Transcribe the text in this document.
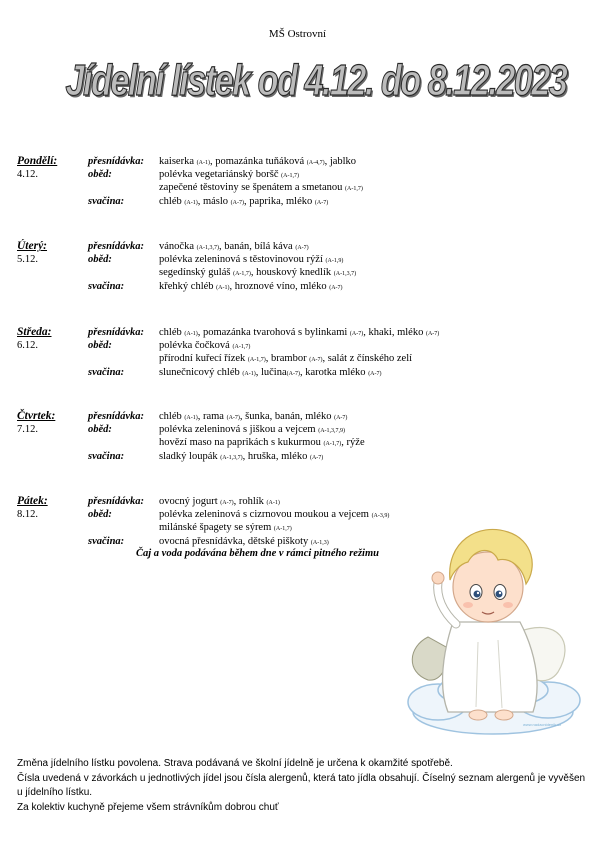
MŠ Ostrovní
Jídelní lístek od 4.12. do 8.12.2023
Pondělí:	přesnídávka: kaiserka (A-1), pomazánka tuňáková (A-4,7), jablko
4.12.	oběd:	polévka vegetariánský boršč (A-1,7)
zapečené těstoviny se špenátem a smetanou (A-1,7)
svačina:	chléb (A-1), máslo (A-7), paprika, mléko (A-7)
Úterý:	přesnídávka: vánočka (A-1,3,7), banán, bílá káva (A-7)
5.12.	oběd:	polévka zeleninová s těstovinovou rýží (A-1,9)
segedínský guláš (A-1,7), houskový knedlík (A-1,3,7)
svačina:	křehký chléb (A-1), hroznové víno, mléko (A-7)
Středa:	přesnídávka: chléb (A-1), pomazánka tvarohová s bylinkami (A-7), khaki, mléko (A-7)
6.12.	oběd:	polévka čočková (A-1,7)
přírodní kuřecí řízek (A-1,7), brambor (A-7), salát z čínského zelí
svačina:	slunečnicový chléb (A-1), lučina(A-7), karotka mléko (A-7)
Čtvrtek:	přesnídávka: chléb (A-1), rama (A-7), šunka, banán, mléko (A-7)
7.12.	oběd:	polévka zeleninová s jiškou a vejcem (A-1,3,7,9)
hovězí maso na paprikách s kukurmou (A-1,7), rýže
svačina:	sladký loupák (A-1,3,7), hruška, mléko (A-7)
Pátek:	přesnídávka: ovocný jogurt (A-7), rohlík (A-1)
8.12.	oběd:	polévka zeleninová s cizrnovou moukou a vejcem (A-3,9)
milánské špagety se sýrem (A-1,7)
svačina:	ovocná přesnídávka, dětské piškoty (A-1,3)
Čaj a voda podávána během dne v rámci pitného režimu
www.nadacnidenik.cz
Změna jídelního lístku povolena. Strava podávaná ve školní jídelně je určena k okamžité spotřebě.
Čísla uvedená v závorkách u jednotlivých jídel jsou čísla alergenů, která tato jídla obsahují. Číselný seznam alergenů je vyvěšen u jídelního lístku.
Za kolektiv kuchyně přejeme všem strávníkům dobrou chuť
